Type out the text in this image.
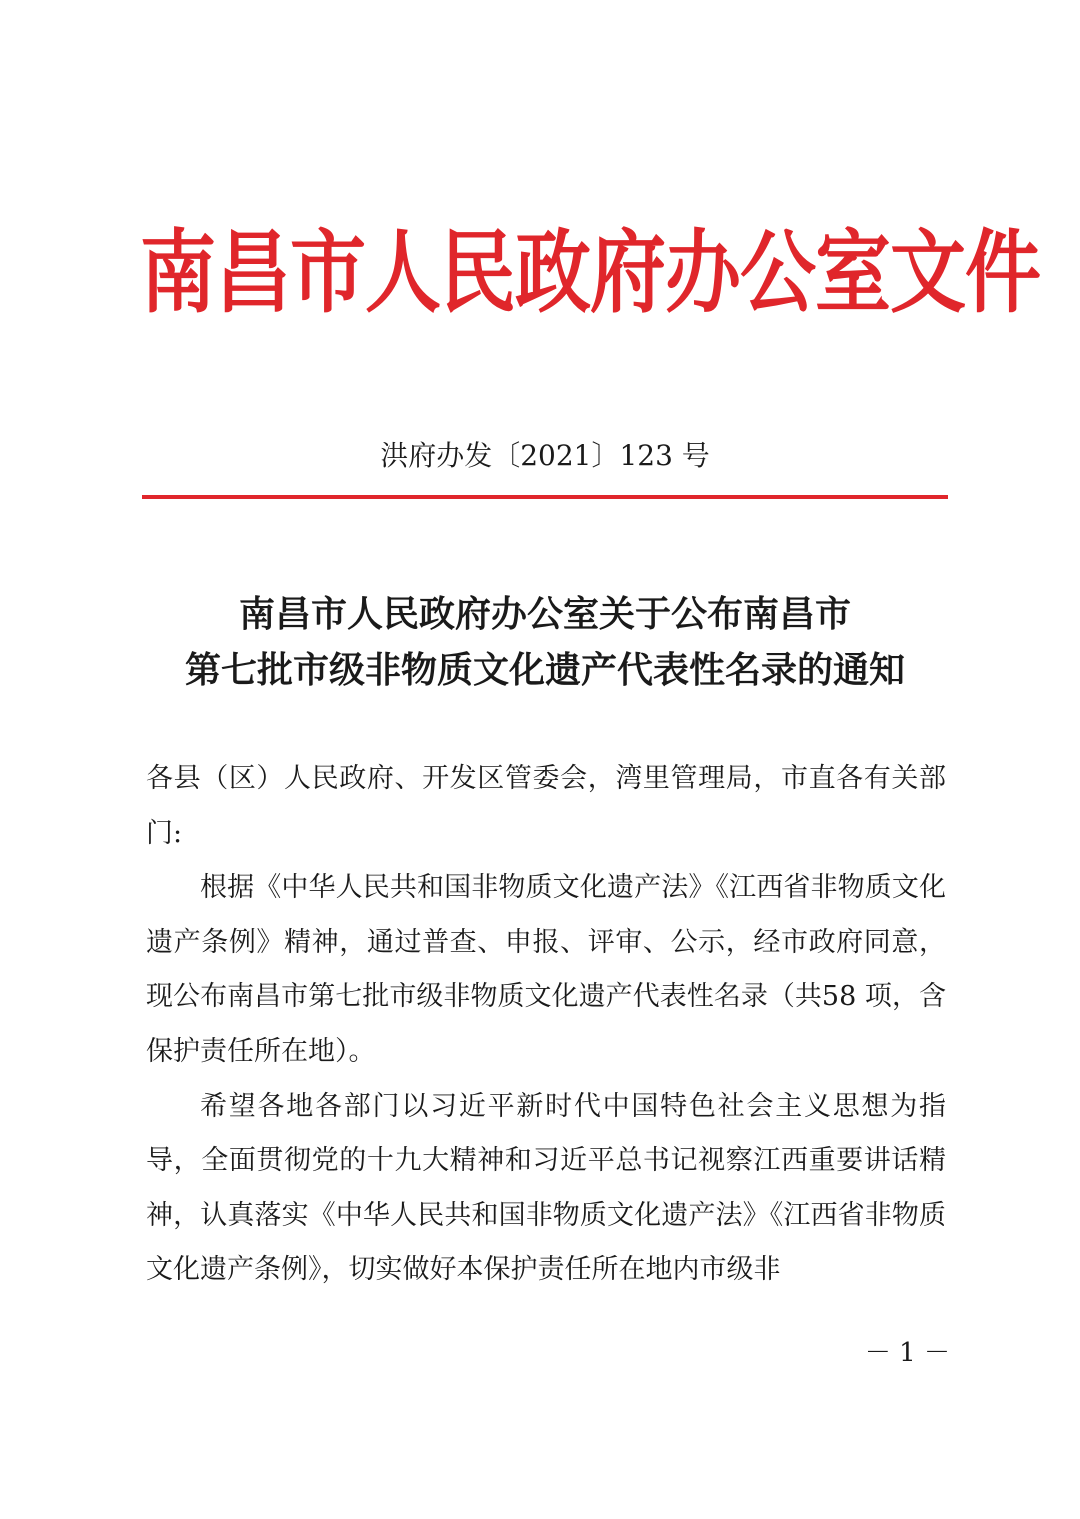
南昌市人民政府办公室文件
洪府办发〔2021〕123 号
南昌市人民政府办公室关于公布南昌市
第七批市级非物质文化遗产代表性名录的通知

各县（区）人民政府、开发区管委会，湾里管理局，市直各有关部门:

根据《中华人民共和国非物质文化遗产法》《江西省非物质文化遗产条例》精神，通过普查、申报、评审、公示，经市政府同意，现公布南昌市第七批市级非物质文化遗产代表性名录（共58 项，含保护责任所在地）。

希望各地各部门以习近平新时代中国特色社会主义思想为指导，全面贯彻党的十九大精神和习近平总书记视察江西重要讲话精神，认真落实《中华人民共和国非物质文化遗产法》《江西省非物质文化遗产条例》，切实做好本保护责任所在地内市级非

－ 1 －
